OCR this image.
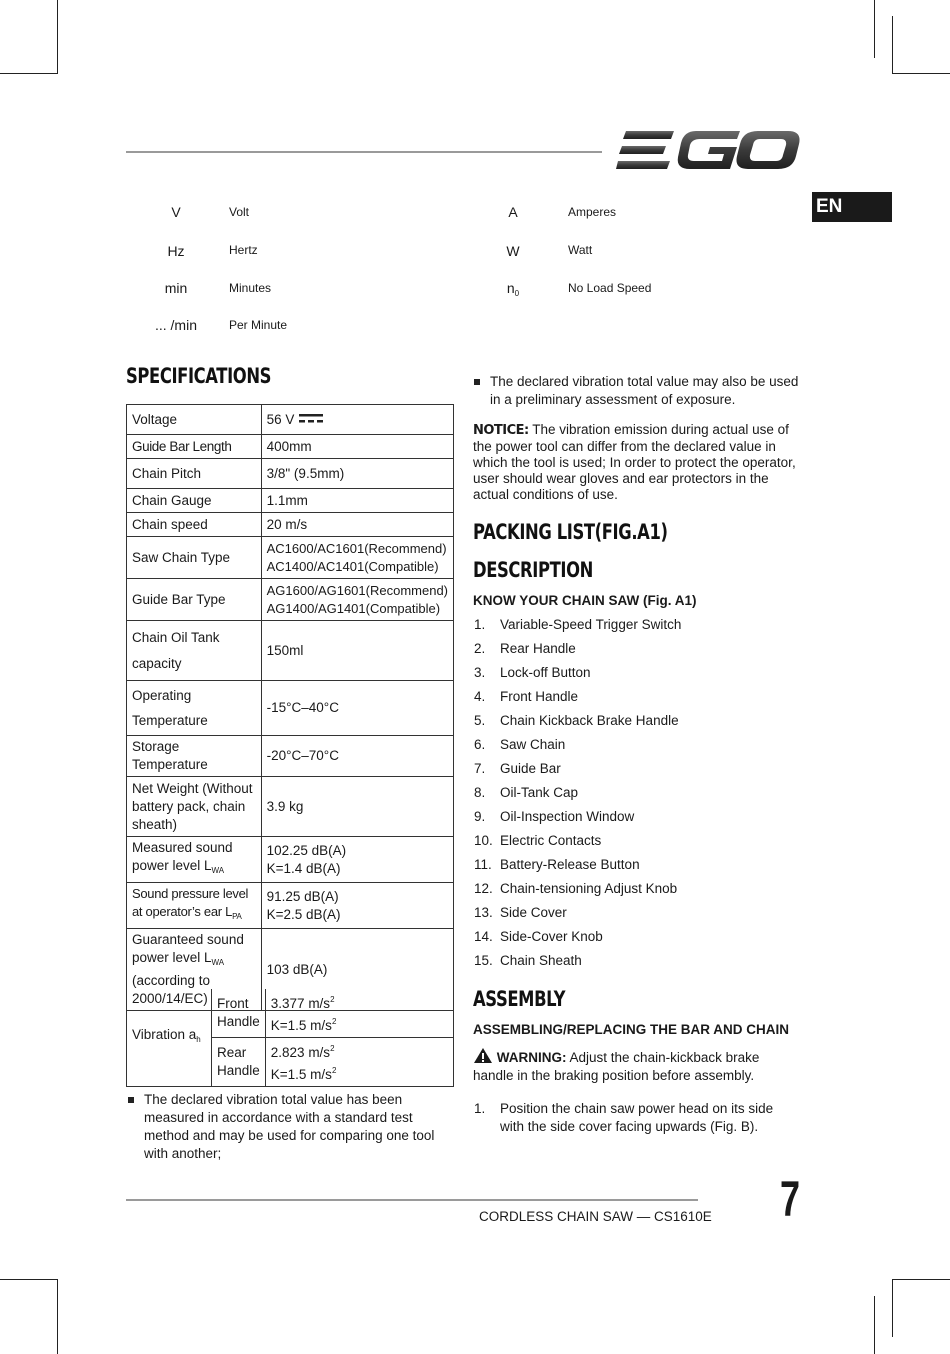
EN
V	Volt
Hz	Hertz
min	Minutes
... /min	Per Minute
A	Amperes
W	Watt
$n_0$	No Load Speed
SPECIFICATIONS
Voltage	56 V
Guide Bar Length	400mm
Chain Pitch	3/8" (9.5mm)
Chain Gauge	1.1mm
Chain speed	20 m/s
Saw Chain Type	AC1600/AC1601(Recommend)
AC1400/AC1401(Compatible)

Guide Bar Type	AG1600/AG1601(Recommend)
AG1400/AG1401(Compatible)

Chain Oil Tank
capacity	150ml

Operating
Temperature	-15°C–40°C
Storage Temperature	-20°C–70°C
Net Weight (Without battery pack, chain sheath)	3.9 kg
Measured sound power level $L_{WA}$	102.25 dB(A)
K=1.4 dB(A)

Sound pressure level at operator’s ear $L_{PA}$	91.25 dB(A)
K=2.5 dB(A)

Guaranteed sound power level $L_{WA}$
(according to 2000/14/EC)	103 dB(A)
Vibration $a_h$	Front Handle	3.377 $m/s^2$
K=1.5 $m/s^2$

	Rear Handle	2.823 $m/s^2$
K=1.5 $m/s^2$
The declared vibration total value has been measured in accordance with a standard test method and may be used for comparing one tool with another;
The declared vibration total value may also be used in a preliminary assessment of exposure.
NOTICE: The vibration emission during actual use of the power tool can differ from the declared value in which the tool is used; In order to protect the operator, user should wear gloves and ear protectors in the actual conditions of use.
PACKING LIST(FIG.A1)
DESCRIPTION
KNOW YOUR CHAIN SAW (Fig. A1)
1. Variable-Speed Trigger Switch
2. Rear Handle
3. Lock-off Button
4. Front Handle
5. Chain Kickback Brake Handle
6. Saw Chain
7. Guide Bar
8. Oil-Tank Cap
9. Oil-Inspection Window
10. Electric Contacts
11. Battery-Release Button
12. Chain-tensioning Adjust Knob
13. Side Cover
14. Side-Cover Knob
15. Chain Sheath
ASSEMBLY
ASSEMBLING/REPLACING THE BAR AND CHAIN
WARNING: Adjust the chain-kickback brake handle in the braking position before assembly.
1.	Position the chain saw power head on its side with the side cover facing upwards (Fig. B).
CORDLESS CHAIN SAW — CS1610E 7
